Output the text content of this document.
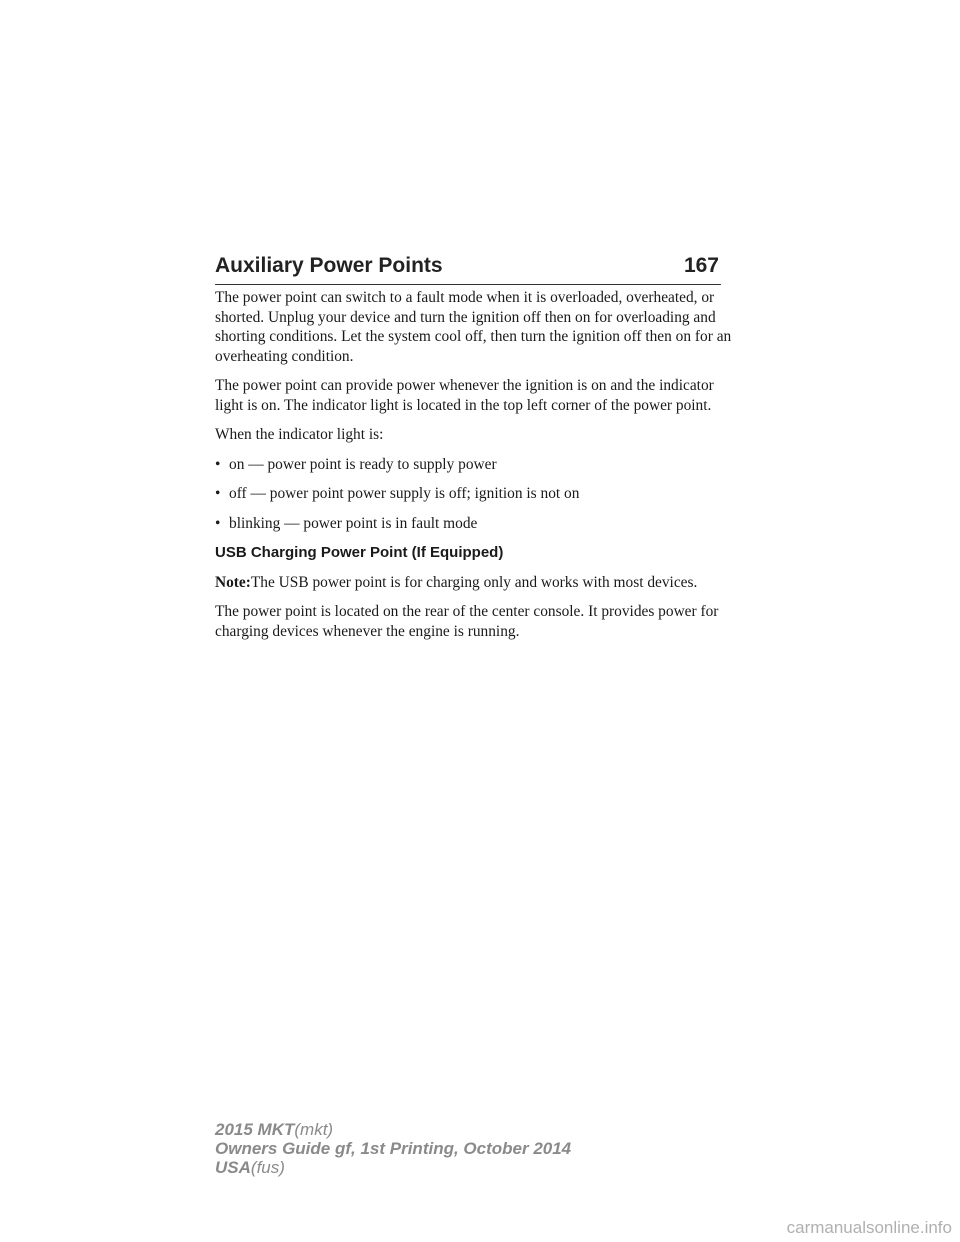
Auxiliary Power Points	167

The power point can switch to a fault mode when it is overloaded, overheated, or shorted. Unplug your device and turn the ignition off then on for overloading and shorting conditions. Let the system cool off, then turn the ignition off then on for an overheating condition.

The power point can provide power whenever the ignition is on and the indicator light is on. The indicator light is located in the top left corner of the power point.

When the indicator light is:

• on — power point is ready to supply power
• off — power point power supply is off; ignition is not on
• blinking — power point is in fault mode
USB Charging Power Point (If Equipped)

Note:The USB power point is for charging only and works with most devices.

The power point is located on the rear of the center console. It provides power for charging devices whenever the engine is running.

2015 MKT(mkt)
Owners Guide gf, 1st Printing, October 2014
USA(fus)
carmanualsonline.info
